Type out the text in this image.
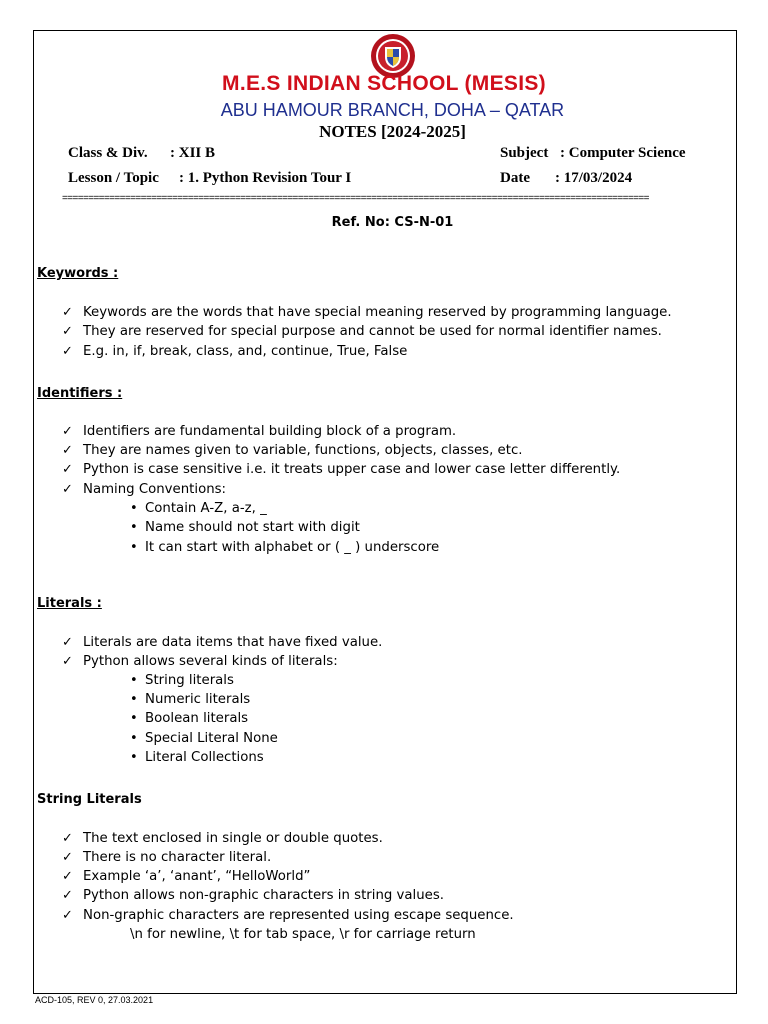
M.E.S INDIAN SCHOOL (MESIS)
ABU HAMOUR BRANCH, DOHA – QATAR
NOTES [2024-2025]
Class & Div. : XII B	Subject : Computer Science
Lesson / Topic : 1. Python Revision Tour I	Date : 17/03/2024
================================================================================================================
Ref. No: CS-N-01
Keywords :
✓ Keywords are the words that have special meaning reserved by programming language.
✓ They are reserved for special purpose and cannot be used for normal identifier names.
✓ E.g. in, if, break, class, and, continue, True, False
Identifiers :
✓ Identifiers are fundamental building block of a program.
✓ They are names given to variable, functions, objects, classes, etc.
✓ Python is case sensitive i.e. it treats upper case and lower case letter differently.
✓ Naming Conventions:
• Contain A-Z, a-z, _
• Name should not start with digit
• It can start with alphabet or ( _ ) underscore
Literals :
✓ Literals are data items that have fixed value.
✓ Python allows several kinds of literals:
• String literals
• Numeric literals
• Boolean literals
• Special Literal None
• Literal Collections
String Literals
✓ The text enclosed in single or double quotes.
✓ There is no character literal.
✓ Example ‘a’, ‘anant’, “HelloWorld”
✓ Python allows non-graphic characters in string values.
✓ Non-graphic characters are represented using escape sequence.
\n for newline, \t for tab space, \r for carriage return
ACD-105, REV 0, 27.03.2021
